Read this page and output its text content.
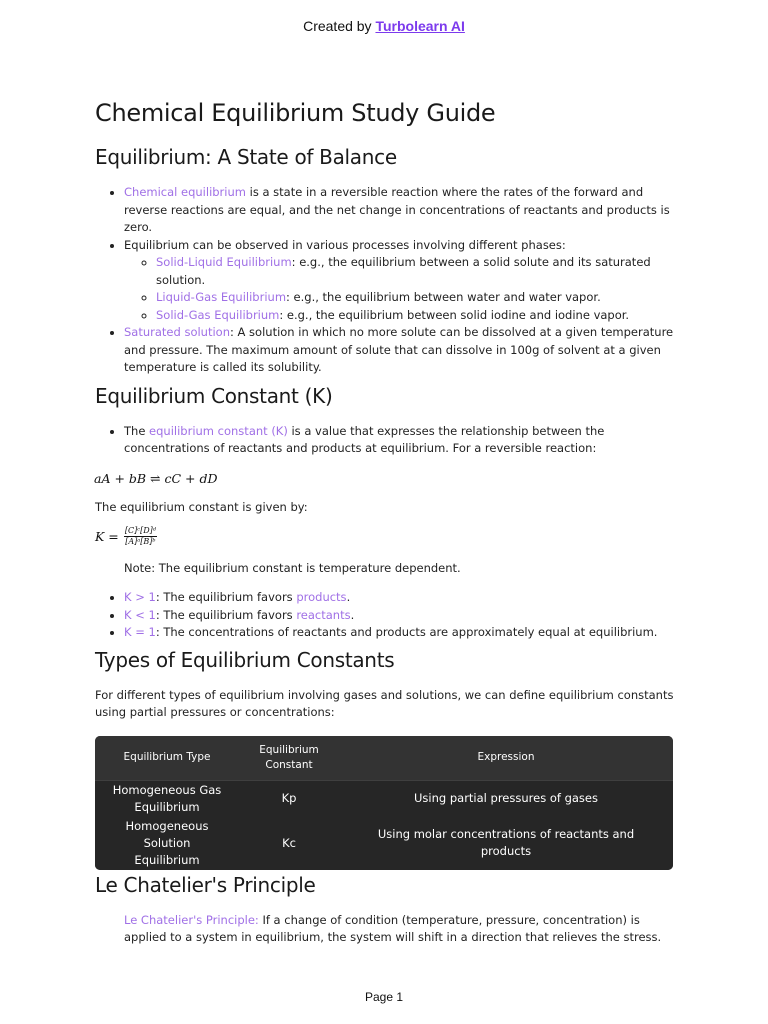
Created by Turbolearn AI
Chemical Equilibrium Study Guide
Equilibrium: A State of Balance
• Chemical equilibrium is a state in a reversible reaction where the rates of the forward and reverse reactions are equal, and the net change in concentrations of reactants and products is zero.
• Equilibrium can be observed in various processes involving different phases:
◦ Solid-Liquid Equilibrium: e.g., the equilibrium between a solid solute and its saturated solution.
◦ Liquid-Gas Equilibrium: e.g., the equilibrium between water and water vapor.
◦ Solid-Gas Equilibrium: e.g., the equilibrium between solid iodine and iodine vapor.
• Saturated solution: A solution in which no more solute can be dissolved at a given temperature and pressure. The maximum amount of solute that can dissolve in 100g of solvent at a given temperature is called its solubility.
Equilibrium Constant (K)
• The equilibrium constant (K) is a value that expresses the relationship between the concentrations of reactants and products at equilibrium. For a reversible reaction:

aA + bB ⇌ cC + dD

The equilibrium constant is given by:

$K = \frac{\text{[C]ᶜ[D]ᵈ}}{\text{[A]ᵃ[B]ᵇ}}$

Note: The equilibrium constant is temperature dependent.

• K > 1: The equilibrium favors products.
• K < 1: The equilibrium favors reactants.
• K = 1: The concentrations of reactants and products are approximately equal at equilibrium.
Types of Equilibrium Constants

For different types of equilibrium involving gases and solutions, we can define equilibrium constants using partial pressures or concentrations:

Equilibrium Type	Equilibrium Constant	Expression
Homogeneous Gas Equilibrium	Kp	Using partial pressures of gases
Homogeneous Solution Equilibrium	Kc	Using molar concentrations of reactants and products
Le Chatelier's Principle

Le Chatelier's Principle: If a change of condition (temperature, pressure, concentration) is applied to a system in equilibrium, the system will shift in a direction that relieves the stress.

Page 1
